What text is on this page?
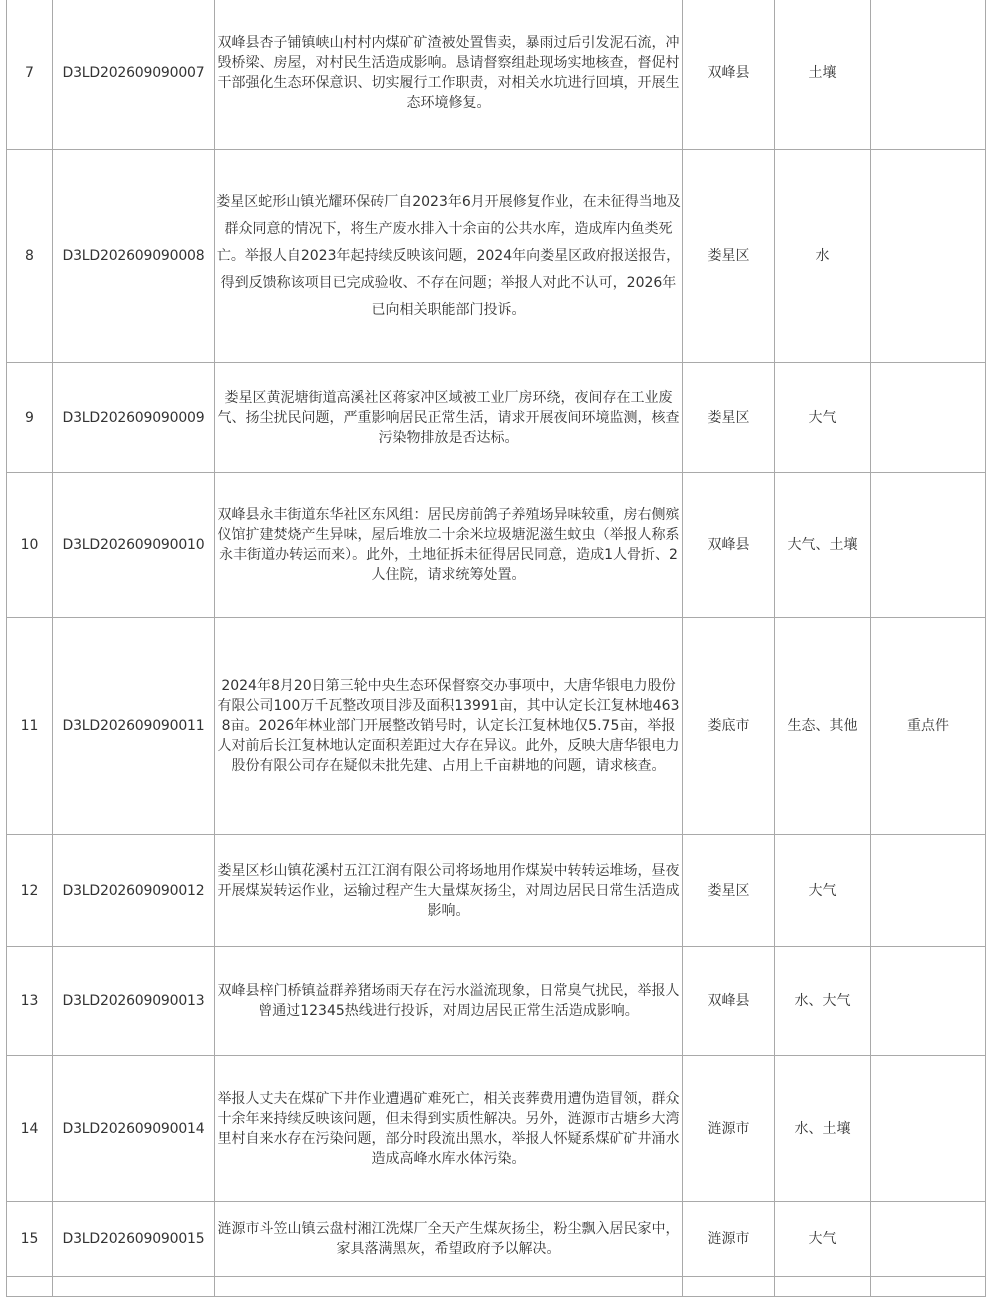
7	D3LD202609090007	双峰县杏子铺镇峡山村村内煤矿矿渣被处置售卖，暴雨过后引发泥石流，冲毁桥梁、房屋，对村民生活造成影响。恳请督察组赴现场实地核查，督促村干部强化生态环保意识、切实履行工作职责，对相关水坑进行回填，开展生态环境修复。	双峰县	土壤	
8	D3LD202609090008	娄星区蛇形山镇光耀环保砖厂自2023年6月开展修复作业，在未征得当地及群众同意的情况下，将生产废水排入十余亩的公共水库，造成库内鱼类死亡。举报人自2023年起持续反映该问题，2024年向娄星区政府报送报告，得到反馈称该项目已完成验收、不存在问题；举报人对此不认可，2026年已向相关职能部门投诉。	娄星区	水	
9	D3LD202609090009	娄星区黄泥塘街道高溪社区蒋家冲区域被工业厂房环绕，夜间存在工业废气、扬尘扰民问题，严重影响居民正常生活，请求开展夜间环境监测，核查污染物排放是否达标。	娄星区	大气	
10	D3LD202609090010	双峰县永丰街道东华社区东风组：居民房前鸽子养殖场异味较重，房右侧殡仪馆扩建焚烧产生异味，屋后堆放二十余米垃圾塘泥滋生蚊虫（举报人称系永丰街道办转运而来）。此外，土地征拆未征得居民同意，造成1人骨折、2人住院，请求统筹处置。	双峰县	大气、土壤	
11	D3LD202609090011	2024年8月20日第三轮中央生态环保督察交办事项中，大唐华银电力股份有限公司100万千瓦整改项目涉及面积13991亩，其中认定长江复林地4638亩。2026年林业部门开展整改销号时，认定长江复林地仅5.75亩，举报人对前后长江复林地认定面积差距过大存在异议。此外，反映大唐华银电力股份有限公司存在疑似未批先建、占用上千亩耕地的问题，请求核查。	娄底市	生态、其他	重点件
12	D3LD202609090012	娄星区杉山镇花溪村五江江润有限公司将场地用作煤炭中转转运堆场，昼夜开展煤炭转运作业，运输过程产生大量煤灰扬尘，对周边居民日常生活造成影响。	娄星区	大气	
13	D3LD202609090013	双峰县梓门桥镇益群养猪场雨天存在污水溢流现象，日常臭气扰民，举报人曾通过12345热线进行投诉，对周边居民正常生活造成影响。	双峰县	水、大气	
14	D3LD202609090014	举报人丈夫在煤矿下井作业遭遇矿难死亡，相关丧葬费用遭伪造冒领，群众十余年来持续反映该问题，但未得到实质性解决。另外，涟源市古塘乡大湾里村自来水存在污染问题，部分时段流出黑水，举报人怀疑系煤矿矿井涌水造成高峰水库水体污染。	涟源市	水、土壤	
15	D3LD202609090015	涟源市斗笠山镇云盘村湘江洗煤厂全天产生煤灰扬尘，粉尘飘入居民家中，家具落满黑灰，希望政府予以解决。	涟源市	大气	
